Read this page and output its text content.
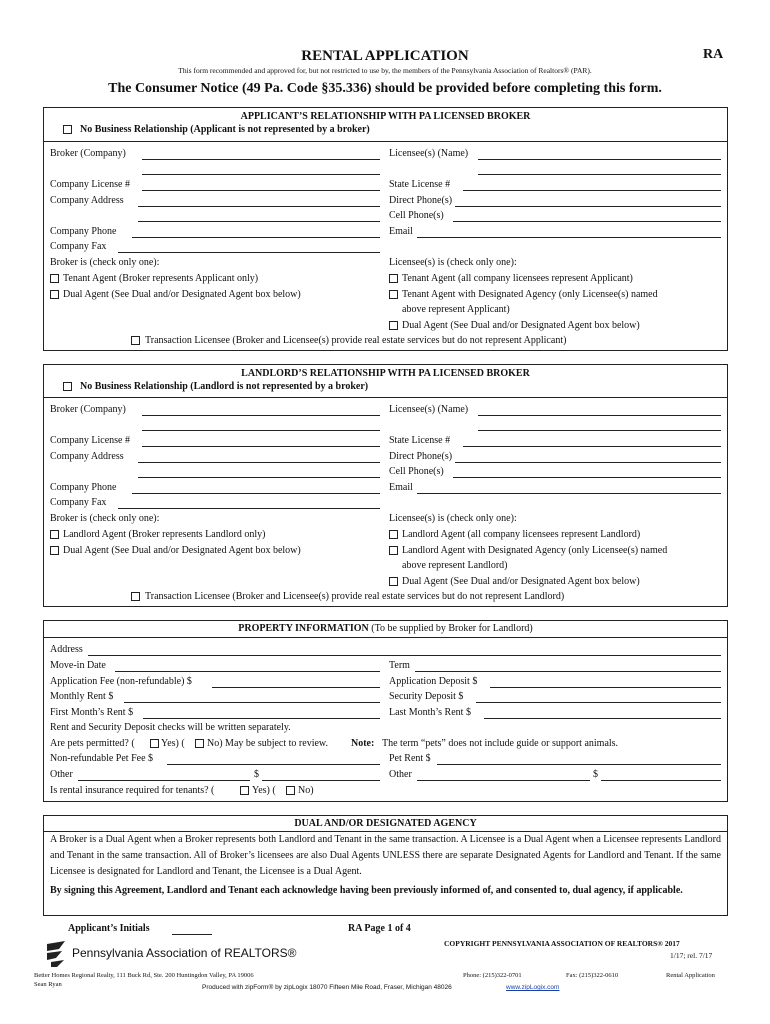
RA
RENTAL APPLICATION
This form recommended and approved for, but not restricted to use by, the members of the Pennsylvania Association of Realtors® (PAR).
The Consumer Notice (49 Pa. Code §35.336) should be provided before completing this form.
APPLICANT’S RELATIONSHIP WITH PA LICENSED BROKER
No Business Relationship (Applicant is not represented by a broker)
Broker (Company)	Licensee(s) (Name)
Company License #	State License #
Company Address	Direct Phone(s)
Cell Phone(s)
Company Phone	Email
Company Fax
Broker is (check only one):
Tenant Agent (Broker represents Applicant only)
Dual Agent (See Dual and/or Designated Agent box below)
Licensee(s) is (check only one):
Tenant Agent (all company licensees represent Applicant)
Tenant Agent with Designated Agency (only Licensee(s) named
above represent Applicant)
Dual Agent (See Dual and/or Designated Agent box below)
Transaction Licensee (Broker and Licensee(s) provide real estate services but do not represent Applicant)
LANDLORD’S RELATIONSHIP WITH PA LICENSED BROKER
No Business Relationship (Landlord is not represented by a broker)
Broker (Company)	Licensee(s) (Name)
Company License #	State License #
Company Address	Direct Phone(s)
Cell Phone(s)
Company Phone	Email
Company Fax
Broker is (check only one):
Landlord Agent (Broker represents Landlord only)
Dual Agent (See Dual and/or Designated Agent box below)
Licensee(s) is (check only one):
Landlord Agent (all company licensees represent Landlord)
Landlord Agent with Designated Agency (only Licensee(s) named
above represent Landlord)
Dual Agent (See Dual and/or Designated Agent box below)
Transaction Licensee (Broker and Licensee(s) provide real estate services but do not represent Landlord)
PROPERTY INFORMATION (To be supplied by Broker for Landlord)
Address
Move-in Date	Term
Application Fee (non-refundable) $	Application Deposit $
Monthly Rent $	Security Deposit $
First Month’s Rent $	Last Month’s Rent $
Rent and Security Deposit checks will be written separately.
Are pets permitted? (	Yes) ( No) May be subject to review. Note: The term “pets” does not include guide or support animals.
Non-refundable Pet Fee $	Pet Rent $
Other	$	Other	$
Is rental insurance required for tenants? (	Yes) ( No)
DUAL AND/OR DESIGNATED AGENCY
A Broker is a Dual Agent when a Broker represents both Landlord and Tenant in the same transaction. A Licensee is a Dual Agent when a Licensee represents Landlord and Tenant in the same transaction. All of Broker’s licensees are also Dual Agents UNLESS there are separate Designated Agents for Landlord and Tenant. If the same Licensee is designated for Landlord and Tenant, the Licensee is a Dual Agent.
By signing this Agreement, Landlord and Tenant each acknowledge having been previously informed of, and consented to, dual agency, if applicable.
Applicant’s Initials	RA Page 1 of 4
COPYRIGHT PENNSYLVANIA ASSOCIATION OF REALTORS® 2017
1/17; rel. 7/17
Pennsylvania Association of REALTORS®
Better Homes Regional Realty, 111 Buck Rd, Ste. 200 Huntingdon Valley, PA 19006
Sean Ryan
Phone: (215)322-0701	Fax: (215)322-0610	Rental Application
Produced with zipForm® by zipLogix 18070 Fifteen Mile Road, Fraser, Michigan 48026	www.zipLogix.com
